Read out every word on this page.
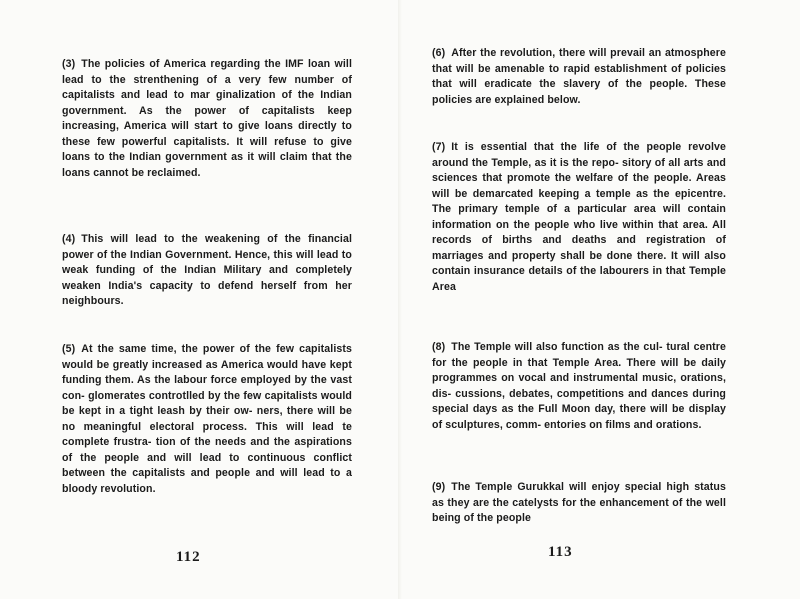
(3) The policies of America regarding the IMF loan will lead to the strenthening of a very few number of capitalists and lead to mar ginalization of the Indian government. As the power of capitalists keep increasing, America will start to give loans directly to these few powerful capitalists. It will refuse to give loans to the Indian government as it will claim that the loans cannot be reclaimed.

(4) This will lead to the weakening of the financial power of the Indian Government. Hence, this will lead to weak funding of the Indian Military and completely weaken India's capacity to defend herself from her neighbours.

(5) At the same time, the power of the few capitalists would be greatly increased as America would have kept funding them. As the labour force employed by the vast con- glomerates controtlled by the few capitalists would be kept in a tight leash by their ow- ners, there will be no meaningful electoral process. This will lead te complete frustra- tion of the needs and the aspirations of the people and will lead to continuous conflict between the capitalists and people and will lead to a bloody revolution.

112

(6) After the revolution, there will prevail an atmosphere that will be amenable to rapid establishment of policies that will eradicate the slavery of the people. These policies are explained below.

(7) It is essential that the life of the people revolve around the Temple, as it is the repo- sitory of all arts and sciences that promote the welfare of the people. Areas will be demarcated keeping a temple as the epicentre. The primary temple of a particular area will contain information on the people who live within that area. All records of births and deaths and registration of marriages and property shall be done there. It will also contain insurance details of the labourers in that Temple Area

(8) The Temple will also function as the cul- tural centre for the people in that Temple Area. There will be daily programmes on vocal and instrumental music, orations, dis- cussions, debates, competitions and dances during special days as the Full Moon day, there will be display of sculptures, comm- entories on films and orations.

(9) The Temple Gurukkal will enjoy special high status as they are the catelysts for the enhancement of the well being of the people

113
